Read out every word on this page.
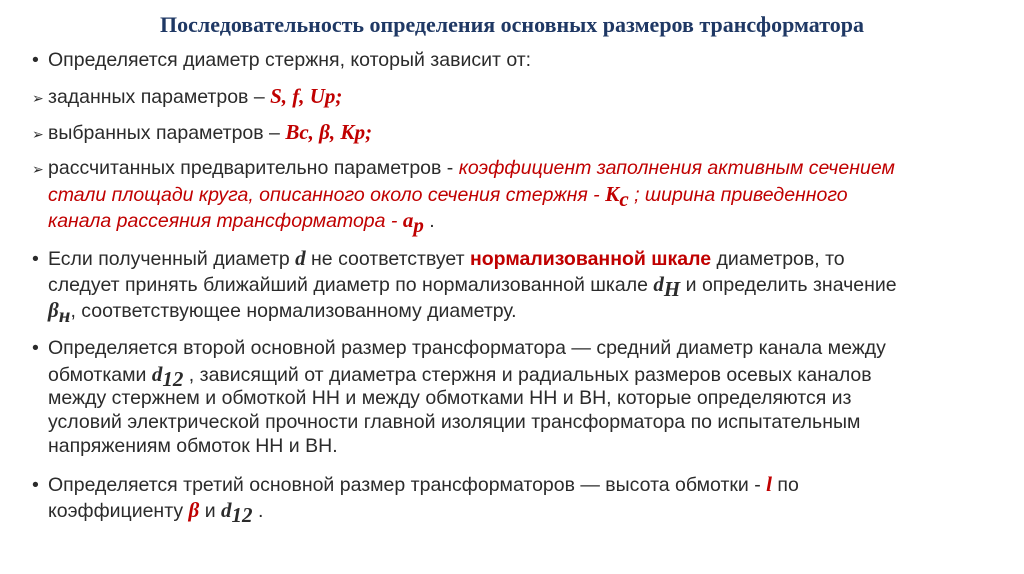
Последовательность определения основных размеров трансформатора
• Определяется диаметр стержня, который зависит от:
➢ заданных параметров – S, f, Up;
➢ выбранных параметров – Вс, β, Кр;
➢ рассчитанных предварительно параметров - коэффициент заполнения активным сечением
стали площади круга, описанного около сечения стержня - $К_с$ ; ширина приведенного
канала рассеяния трансформатора - $а_р$ .
• Если полученный диаметр d не соответствует нормализованной шкале диаметров, то
следует принять ближайший диаметр по нормализованной шкале $d_H$ и определить значение
$\beta_н$, соответствующее нормализованному диаметру.
• Определяется второй основной размер трансформатора — средний диаметр канала между
обмотками $d_{12}$ , зависящий от диаметра стержня и радиальных размеров осевых каналов
между стержнем и обмоткой НН и между обмотками НН и ВН, которые определяются из
условий электрической прочности главной изоляции трансформатора по испытательным
напряжениям обмоток НН и ВН.
• Определяется третий основной размер трансформаторов — высота обмотки - l по
коэффициенту β и $d_{12}$ .
